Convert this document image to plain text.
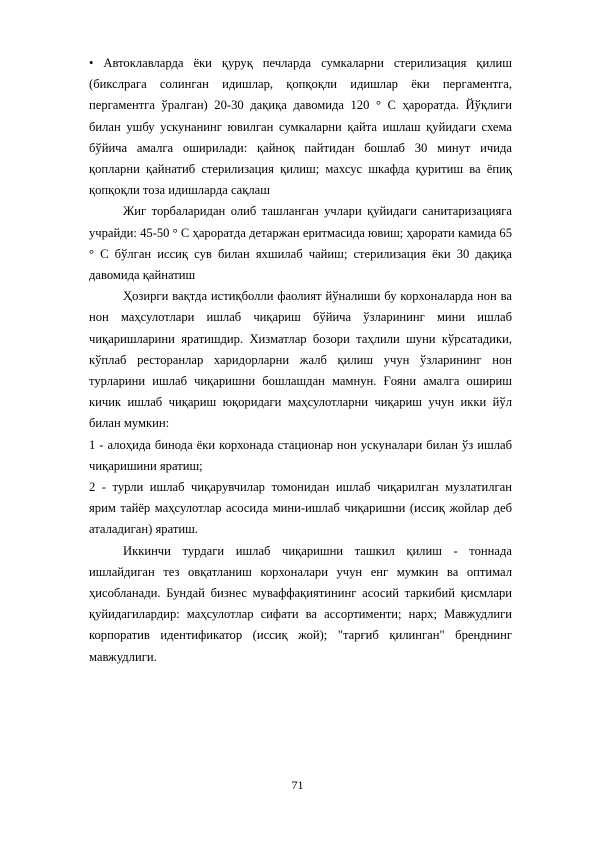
• Автоклавларда ёки қуруқ печларда сумкаларни стерилизация қилиш (бикслрага солинган идишлар, қопқоқли идишлар ёки пергаментга, пергаментга ўралган) 20-30 дақиқа давомида 120 ° C ҳароратда. Йўқлиги билан ушбу ускунанинг ювилган сумкаларни қайта ишлаш қуйидаги схема бўйича амалга оширилади: қайноқ пайтидан бошлаб 30 минут ичида қопларни қайнатиб стерилизация қилиш; махсус шкафда қуритиш ва ёпиқ қопқоқли тоза идишларда сақлаш

Жиг торбаларидан олиб ташланган учлари қуйидаги санитаризацияга учрайди: 45-50 ° C ҳароратда детаржан еритмасида ювиш; ҳарорати камида 65 ° C бўлган иссиқ сув билан яхшилаб чайиш; стерилизация ёки 30 дақиқа давомида қайнатиш

Ҳозирги вақтда истиқболли фаолият йўналиши бу корхоналарда нон ва нон маҳсулотлари ишлаб чиқариш бўйича ўзларининг мини ишлаб чиқаришларини яратишдир. Хизматлар бозори таҳлили шуни кўрсатадики, кўплаб ресторанлар харидорларни жалб қилиш учун ўзларининг нон турларини ишлаб чиқаришни бошлашдан мамнун. Ғояни амалга ошириш кичик ишлаб чиқариш юқоридаги маҳсулотларни чиқариш учун икки йўл билан мумкин:

1 - алоҳида бинода ёки корхонада стационар нон ускуналари билан ўз ишлаб чиқаришини яратиш;

2 - турли ишлаб чиқарувчилар томонидан ишлаб чиқарилган музлатилган ярим тайёр маҳсулотлар асосида мини-ишлаб чиқаришни (иссиқ жойлар деб аталадиган) яратиш.

Иккинчи турдаги ишлаб чиқаришни ташкил қилиш - тоннада ишлайдиган тез овқатланиш корхоналари учун енг мумкин ва оптимал ҳисобланади. Бундай бизнес муваффақиятининг асосий таркибий қисмлари қуйидагилардир: маҳсулотлар сифати ва ассортименти; нарх; Мавжудлиги корпоратив идентификатор (иссиқ жой); "тарғиб қилинган" бренднинг мавжудлиги.

71
